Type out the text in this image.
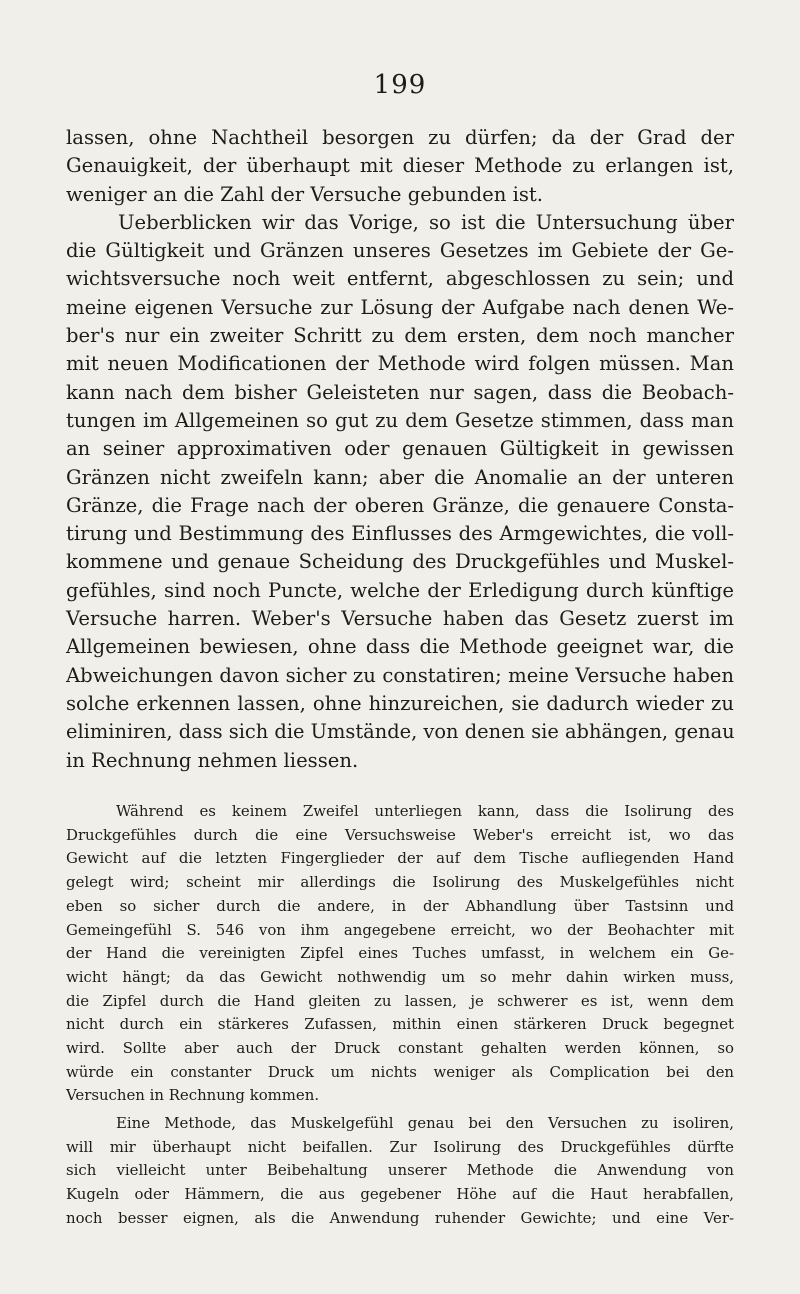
199
lassen, ohne Nachtheil besorgen zu dürfen; da der Grad der
Genauigkeit, der überhaupt mit dieser Methode zu erlangen ist,
weniger an die Zahl der Versuche gebunden ist.
Ueberblicken wir das Vorige, so ist die Untersuchung über
die Gültigkeit und Gränzen unseres Gesetzes im Gebiete der Ge-
wichtsversuche noch weit entfernt, abgeschlossen zu sein; und
meine eigenen Versuche zur Lösung der Aufgabe nach denen We-
ber's nur ein zweiter Schritt zu dem ersten, dem noch mancher
mit neuen Modificationen der Methode wird folgen müssen. Man
kann nach dem bisher Geleisteten nur sagen, dass die Beobach-
tungen im Allgemeinen so gut zu dem Gesetze stimmen, dass man
an seiner approximativen oder genauen Gültigkeit in gewissen
Gränzen nicht zweifeln kann; aber die Anomalie an der unteren
Gränze, die Frage nach der oberen Gränze, die genauere Consta-
tirung und Bestimmung des Einflusses des Armgewichtes, die voll-
kommene und genaue Scheidung des Druckgefühles und Muskel-
gefühles, sind noch Puncte, welche der Erledigung durch künftige
Versuche harren. Weber's Versuche haben das Gesetz zuerst im
Allgemeinen bewiesen, ohne dass die Methode geeignet war, die
Abweichungen davon sicher zu constatiren; meine Versuche haben
solche erkennen lassen, ohne hinzureichen, sie dadurch wieder zu
eliminiren, dass sich die Umstände, von denen sie abhängen, genau
in Rechnung nehmen liessen.
Während es keinem Zweifel unterliegen kann, dass die Isolirung des
Druckgefühles durch die eine Versuchsweise Weber's erreicht ist, wo das
Gewicht auf die letzten Fingerglieder der auf dem Tische aufliegenden Hand
gelegt wird; scheint mir allerdings die Isolirung des Muskelgefühles nicht
eben so sicher durch die andere, in der Abhandlung über Tastsinn und
Gemeingefühl S. 546 von ihm angegebene erreicht, wo der Beohachter mit
der Hand die vereinigten Zipfel eines Tuches umfasst, in welchem ein Ge-
wicht hängt; da das Gewicht nothwendig um so mehr dahin wirken muss,
die Zipfel durch die Hand gleiten zu lassen, je schwerer es ist, wenn dem
nicht durch ein stärkeres Zufassen, mithin einen stärkeren Druck begegnet
wird. Sollte aber auch der Druck constant gehalten werden können, so
würde ein constanter Druck um nichts weniger als Complication bei den
Versuchen in Rechnung kommen.
Eine Methode, das Muskelgefühl genau bei den Versuchen zu isoliren,
will mir überhaupt nicht beifallen. Zur Isolirung des Druckgefühles dürfte
sich vielleicht unter Beibehaltung unserer Methode die Anwendung von
Kugeln oder Hämmern, die aus gegebener Höhe auf die Haut herabfallen,
noch besser eignen, als die Anwendung ruhender Gewichte; und eine Ver-
